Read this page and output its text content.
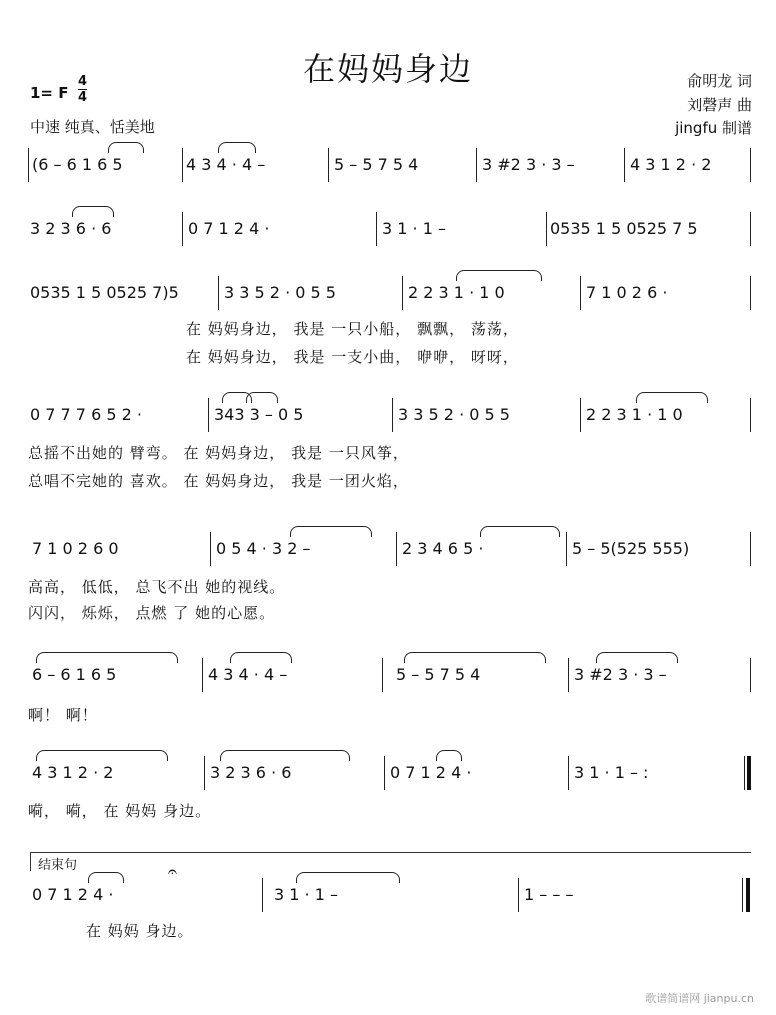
在妈妈身边
1= F
4
4
中速 纯真、恬美地
俞明龙 词
刘磬声 曲
jingfu 制谱
(6 – 6 1 6 5	4 3 4 · 4 –	5 – 5 7 5 4	3 #2 3 · 3 –	4 3 1 2 · 2
3 2 3 6 · 6	0 7 1 2 4 ·	3 1 · 1 –	0535 1 5 0525 7 5
0535 1 5 0525 7)5	3 3 5 2 · 0 5 5	2 2 3 1 · 1 0	7 1 0 2 6 ·
在 妈妈身边， 我是 一只小船， 飘飘， 荡荡，
在 妈妈身边， 我是 一支小曲， 咿咿， 呀呀，
0 7 7 7 6 5 2 ·	343 3 – 0 5	3 3 5 2 · 0 5 5	2 2 3 1 · 1 0
总摇不出她的 臂弯。 在 妈妈身边， 我是 一只风筝，
总唱不完她的 喜欢。 在 妈妈身边， 我是 一团火焰，
7 1 0 2 6 0	0 5 4 · 3 2 –	2 3 4 6 5 ·	5 – 5(525 555)
高高， 低低， 总飞不出 她的视线。
闪闪， 烁烁， 点燃 了 她的心愿。
6 – 6 1 6 5	4 3 4 · 4 –	5 – 5 7 5 4	3 #2 3 · 3 –
啊！ 啊！
4 3 1 2 · 2	3 2 3 6 · 6	0 7 1 2 4 ·	3 1 · 1 – :
嗬， 嗬， 在 妈妈 身边。
结束句
0 7 1 2 4 ·	3 1 · 1 –	1 – – –
𝄐
在 妈妈 身边。
歌谱简谱网 jianpu.cn
